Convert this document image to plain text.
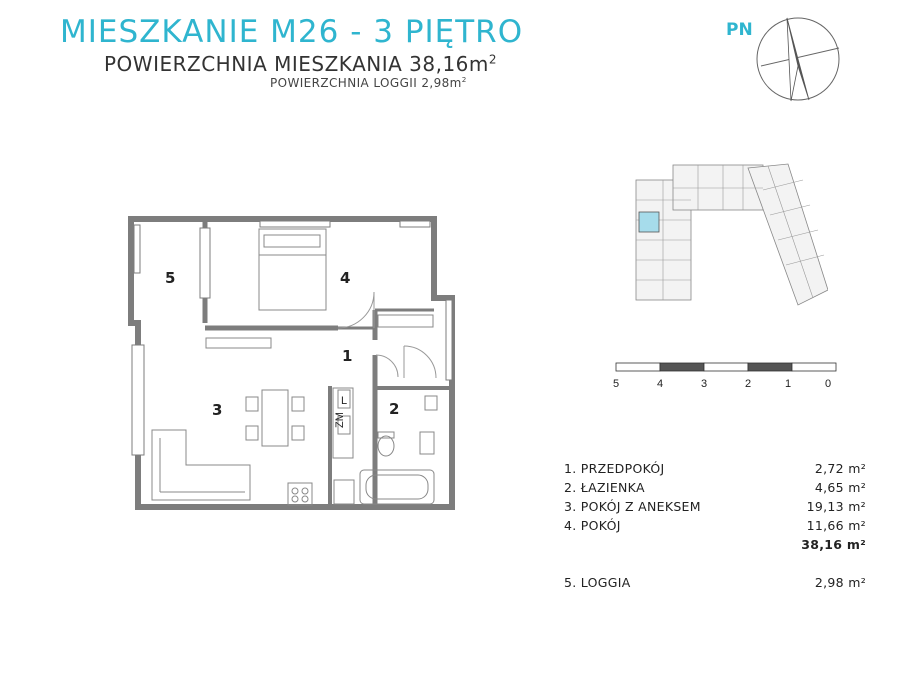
MIESZKANIE M26 - 3 PIĘTRO
POWIERZCHNIA MIESZKANIA $38,16m^2$
POWIERZCHNIA LOGGII $2,98m^2$
PN
L
ZM
1
2
3
4
5
5	4	3	2	1	0
1. PRZEDPOKÓJ	2,72 m²
2. ŁAZIENKA	4,65 m²
3. POKÓJ Z ANEKSEM	19,13 m²
4. POKÓJ	11,66 m²
38,16 m²
5. LOGGIA	2,98 m²
